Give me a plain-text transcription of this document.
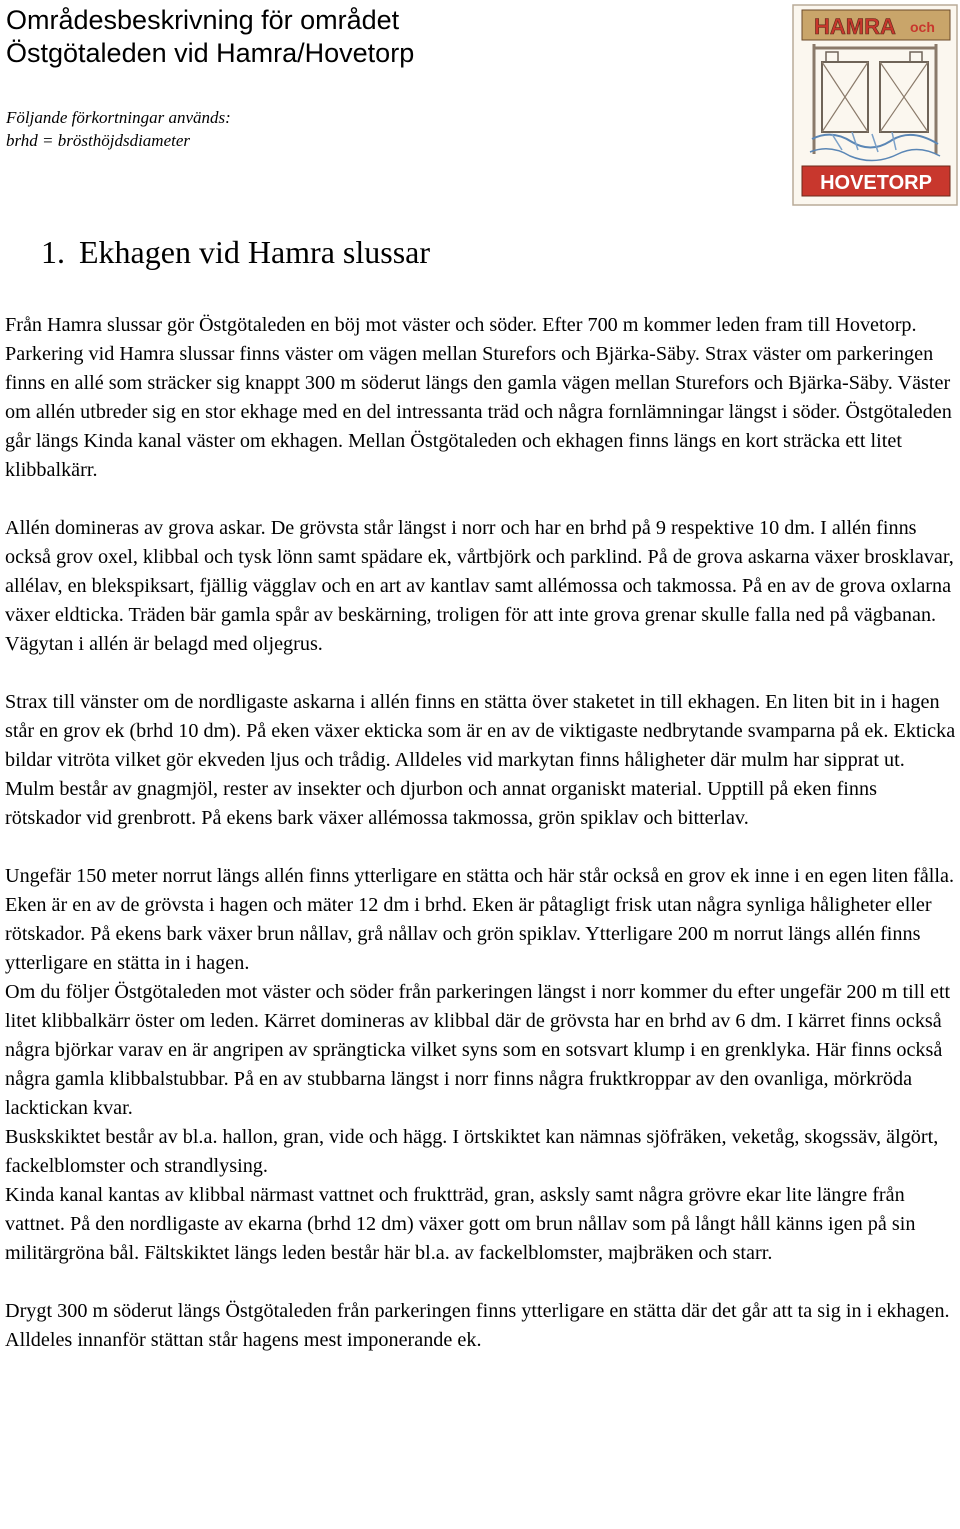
Områdesbeskrivning för området
Östgötaleden vid Hamra/Hovetorp
Följande förkortningar används:
brhd = brösthöjdsdiameter
HAMRA och
HOVETORP
1. Ekhagen vid Hamra slussar

Från Hamra slussar gör Östgötaleden en böj mot väster och söder. Efter 700 m kommer leden fram till Hovetorp. Parkering vid Hamra slussar finns väster om vägen mellan Sturefors och Bjärka-Säby. Strax väster om parkeringen finns en allé som sträcker sig knappt 300 m söderut längs den gamla vägen mellan Sturefors och Bjärka-Säby. Väster om allén utbreder sig en stor ekhage med en del intressanta träd och några fornlämningar längst i söder. Östgötaleden går längs Kinda kanal väster om ekhagen. Mellan Östgötaleden och ekhagen finns längs en kort sträcka ett litet klibbalkärr.

Allén domineras av grova askar. De grövsta står längst i norr och har en brhd på 9 respektive 10 dm. I allén finns också grov oxel, klibbal och tysk lönn samt spädare ek, vårtbjörk och parklind. På de grova askarna växer brosklavar, allélav, en blekspiksart, fjällig vägglav och en art av kantlav samt allémossa och takmossa. På en av de grova oxlarna växer eldticka. Träden bär gamla spår av beskärning, troligen för att inte grova grenar skulle falla ned på vägbanan. Vägytan i allén är belagd med oljegrus.

Strax till vänster om de nordligaste askarna i allén finns en stätta över staketet in till ekhagen. En liten bit in i hagen står en grov ek (brhd 10 dm). På eken växer ekticka som är en av de viktigaste nedbrytande svamparna på ek. Ekticka bildar vitröta vilket gör ekveden ljus och trådig. Alldeles vid markytan finns håligheter där mulm har sipprat ut. Mulm består av gnagmjöl, rester av insekter och djurbon och annat organiskt material. Upptill på eken finns rötskador vid grenbrott. På ekens bark växer allémossa takmossa, grön spiklav och bitterlav.

Ungefär 150 meter norrut längs allén finns ytterligare en stätta och här står också en grov ek inne i en egen liten fålla. Eken är en av de grövsta i hagen och mäter 12 dm i brhd. Eken är påtagligt frisk utan några synliga håligheter eller rötskador. På ekens bark växer brun nållav, grå nållav och grön spiklav. Ytterligare 200 m norrut längs allén finns ytterligare en stätta in i hagen.

Om du följer Östgötaleden mot väster och söder från parkeringen längst i norr kommer du efter ungefär 200 m till ett litet klibbalkärr öster om leden. Kärret domineras av klibbal där de grövsta har en brhd av 6 dm. I kärret finns också några björkar varav en är angripen av sprängticka vilket syns som en sotsvart klump i en grenklyka. Här finns också några gamla klibbalstubbar. På en av stubbarna längst i norr finns några fruktkroppar av den ovanliga, mörkröda lacktickan kvar.

Buskskiktet består av bl.a. hallon, gran, vide och hägg. I örtskiktet kan nämnas sjöfräken, veketåg, skogssäv, älgört, fackelblomster och strandlysing.

Kinda kanal kantas av klibbal närmast vattnet och fruktträd, gran, asksly samt några grövre ekar lite längre från vattnet. På den nordligaste av ekarna (brhd 12 dm) växer gott om brun nållav som på långt håll känns igen på sin militärgröna bål. Fältskiktet längs leden består här bl.a. av fackelblomster, majbräken och starr.

Drygt 300 m söderut längs Östgötaleden från parkeringen finns ytterligare en stätta där det går att ta sig in i ekhagen. Alldeles innanför stättan står hagens mest imponerande ek.
